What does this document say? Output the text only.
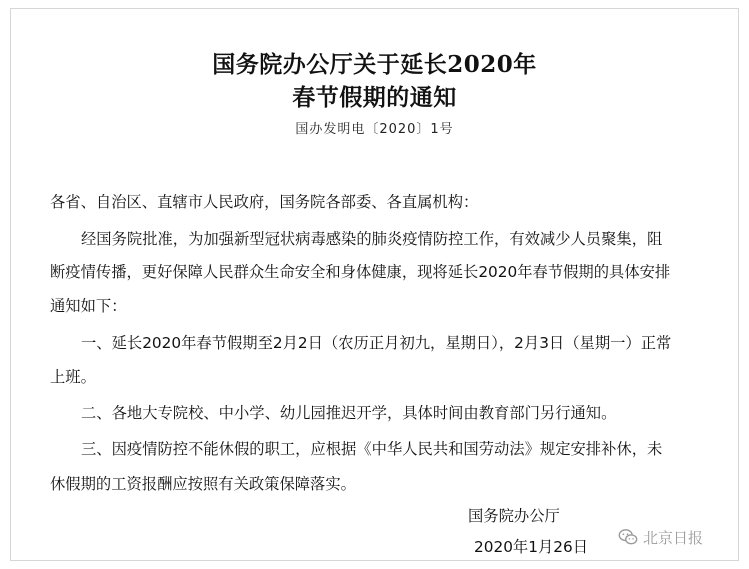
国务院办公厅关于延长2020年
春节假期的通知
国办发明电〔2020〕1号
各省、自治区、直辖市人民政府，国务院各部委、各直属机构：
经国务院批准，为加强新型冠状病毒感染的肺炎疫情防控工作，有效减少人员聚集，阻
断疫情传播，更好保障人民群众生命安全和身体健康，现将延长2020年春节假期的具体安排
通知如下：
一、延长2020年春节假期至2月2日（农历正月初九，星期日），2月3日（星期一）正常
上班。
二、各地大专院校、中小学、幼儿园推迟开学，具体时间由教育部门另行通知。
三、因疫情防控不能休假的职工，应根据《中华人民共和国劳动法》规定安排补休，未
休假期的工资报酬应按照有关政策保障落实。
国务院办公厅
2020年1月26日
北京日报
